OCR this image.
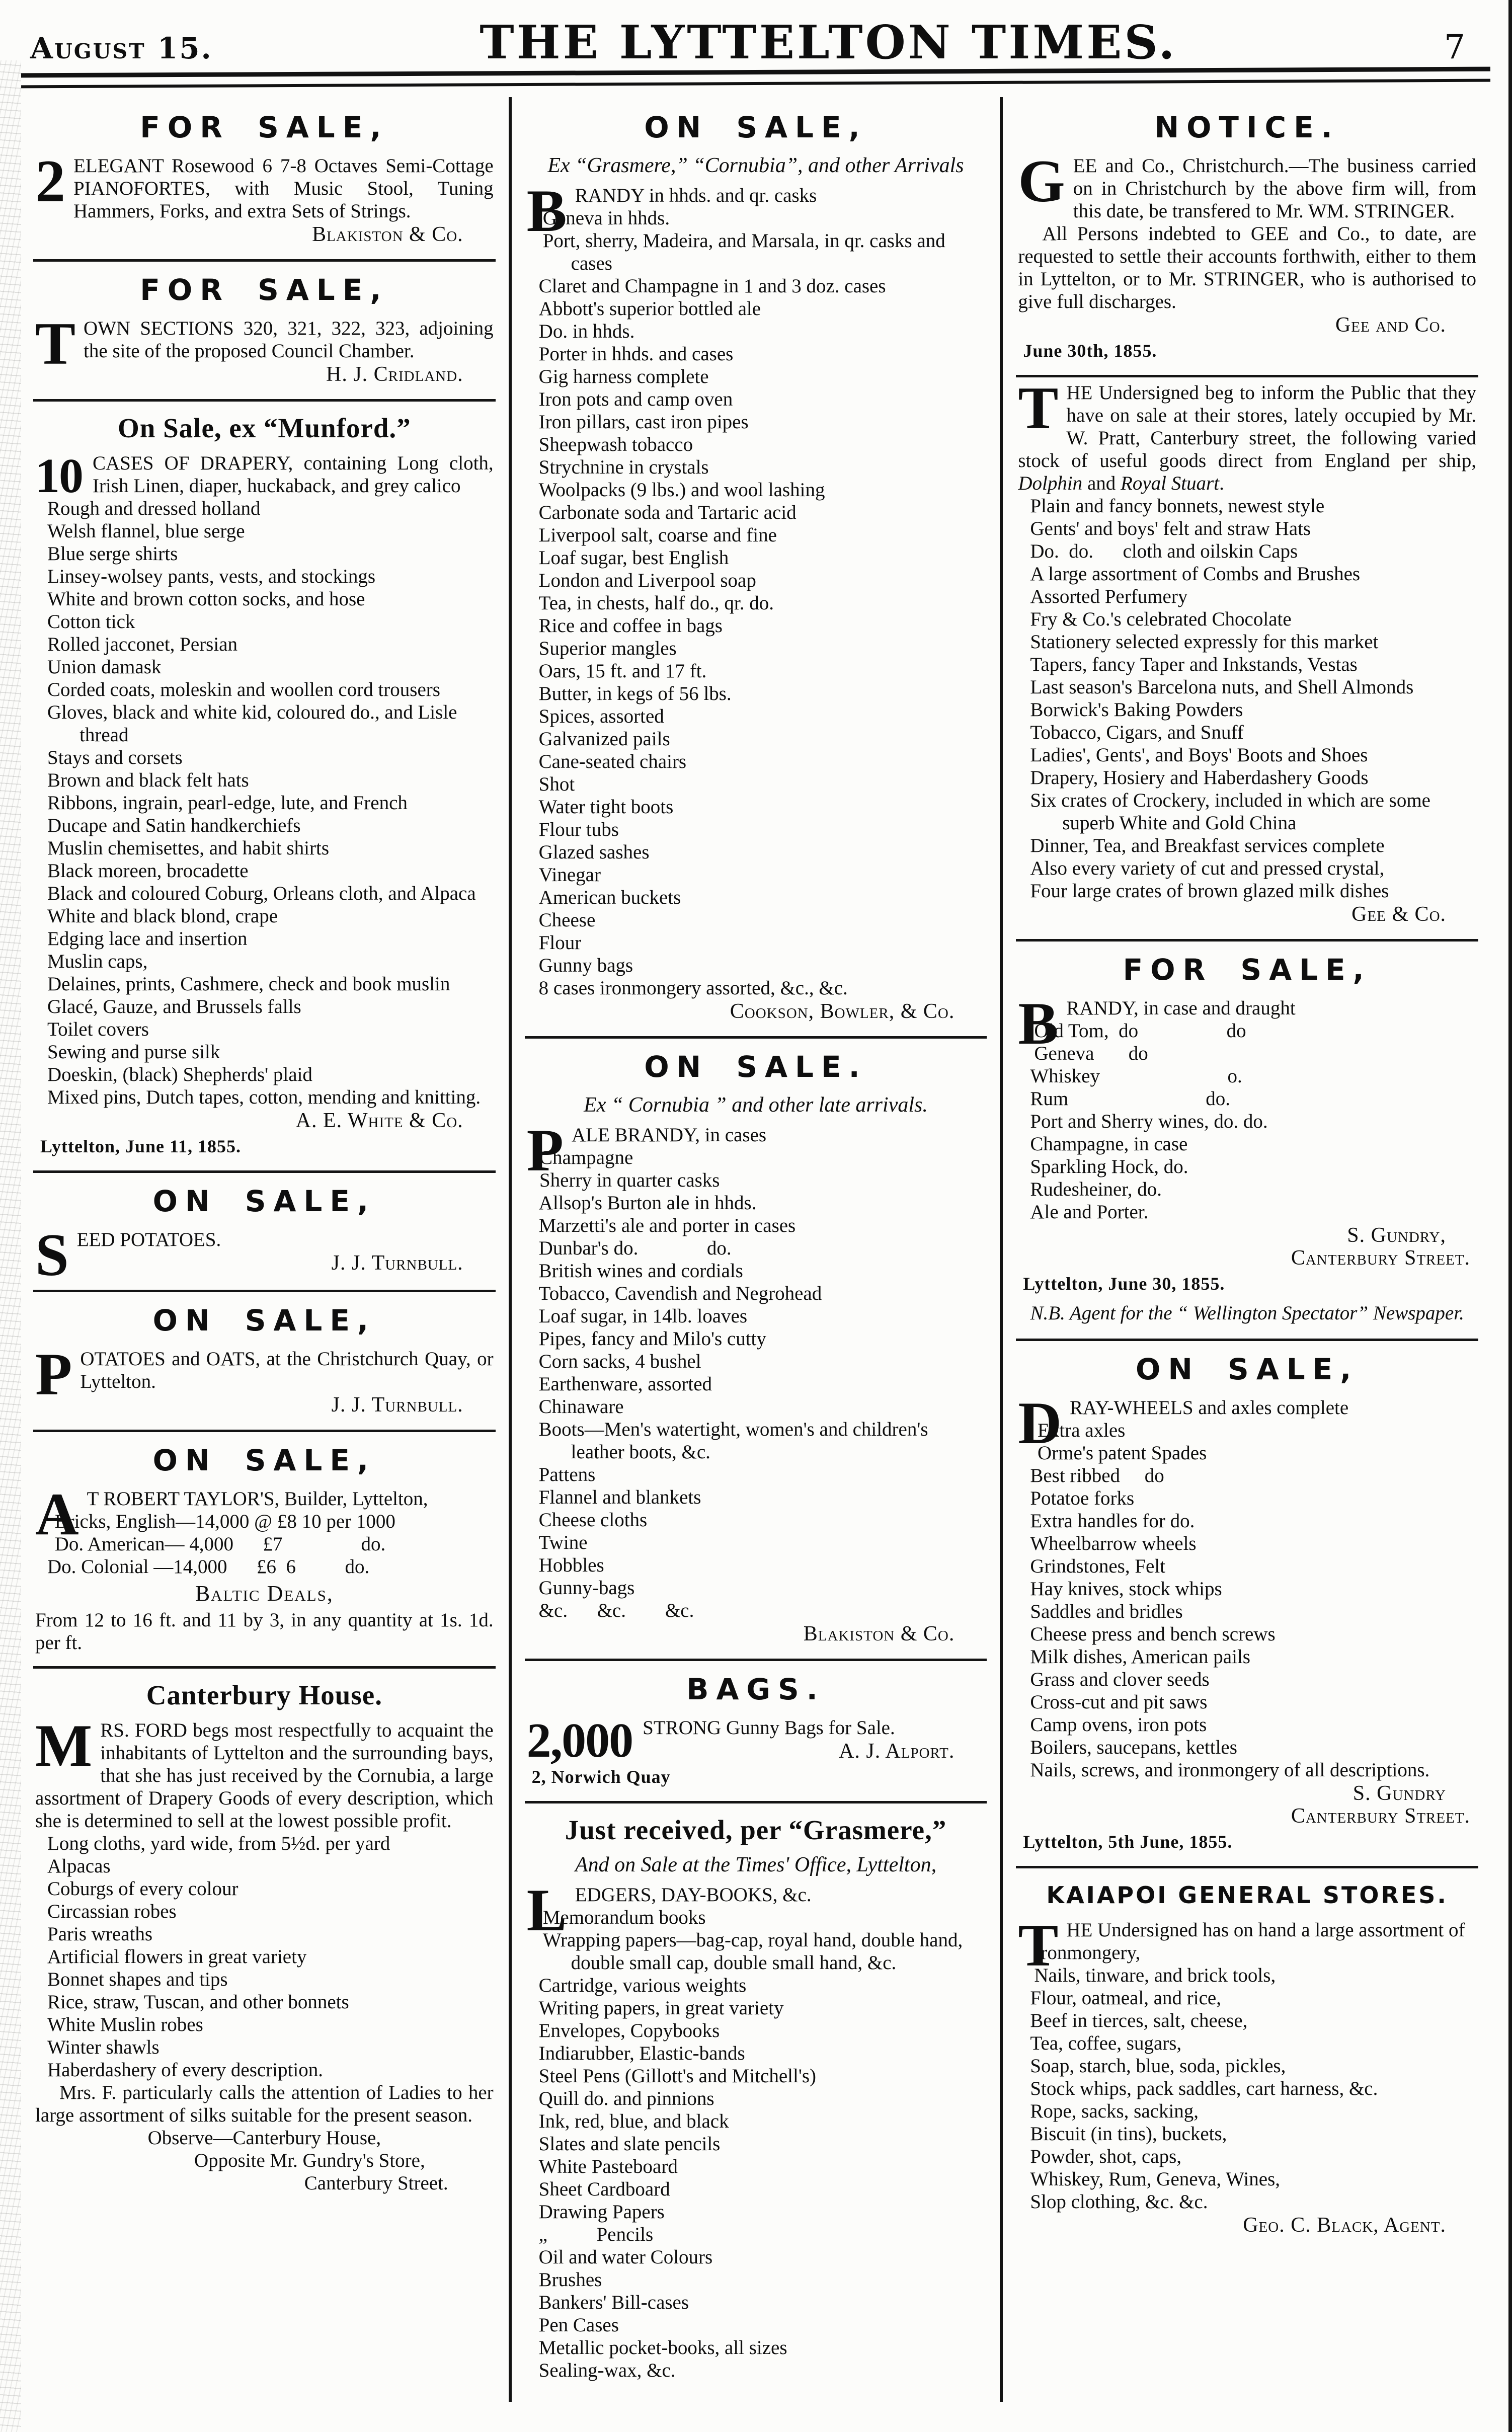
August 15.	THE LYTTELTON TIMES.	7
FOR SALE,
2 ELEGANT Rosewood 6 7-8 Octaves Semi-Cottage PIANOFORTES, with Music Stool, Tuning Hammers, Forks, and extra Sets of Strings.
Blakiston & Co.
FOR SALE,
TOWN SECTIONS 320, 321, 322, 323, adjoining the site of the proposed Council Chamber.
H. J. Cridland.
On Sale, ex “Munford.”
10 CASES OF DRAPERY, containing Long cloth, Irish Linen, diaper, huckaback, and grey calico
Rough and dressed holland
Welsh flannel, blue serge
Blue serge shirts
Linsey-wolsey pants, vests, and stockings
White and brown cotton socks, and hose
Cotton tick
Rolled jacconet, Persian
Union damask
Corded coats, moleskin and woollen cord trousers
Gloves, black and white kid, coloured do., and Lisle thread
Stays and corsets
Brown and black felt hats
Ribbons, ingrain, pearl-edge, lute, and French
Ducape and Satin handkerchiefs
Muslin chemisettes, and habit shirts
Black moreen, brocadette
Black and coloured Coburg, Orleans cloth, and Alpaca
White and black blond, crape
Edging lace and insertion
Muslin caps,
Delaines, prints, Cashmere, check and book muslin
Glacé, Gauze, and Brussels falls
Toilet covers
Sewing and purse silk
Doeskin, (black) Shepherds' plaid
Mixed pins, Dutch tapes, cotton, mending and knitting.
A. E. White & Co.
Lyttelton, June 11, 1855.
ON SALE,
SEED POTATOES.
J. J. Turnbull.
ON SALE,
POTATOES and OATS, at the Christchurch Quay, or Lyttelton.
J. J. Turnbull.
ON SALE,
A T ROBERT TAYLOR'S, Builder, Lyttelton,
Bricks, English—14,000 @ £8 10 per 1000
Do. American— 4,000  £7    do.
Do. Colonial —14,000  £6  6   do.
Baltic Deals,
From 12 to 16 ft. and 11 by 3, in any quantity at 1s. 1d. per ft.
Canterbury House.
MRS. FORD begs most respectfully to acquaint the inhabitants of Lyttelton and the surrounding bays, that she has just received by the Cornubia, a large assortment of Drapery Goods of every description, which she is determined to sell at the lowest possible profit.
Long cloths, yard wide, from 5½d. per yard
Alpacas
Coburgs of every colour
Circassian robes
Paris wreaths
Artificial flowers in great variety
Bonnet shapes and tips
Rice, straw, Tuscan, and other bonnets
White Muslin robes
Winter shawls
Haberdashery of every description.
Mrs. F. particularly calls the attention of Ladies to her large assortment of silks suitable for the present season.
Observe—Canterbury House,
Opposite Mr. Gundry's Store,
Canterbury Street.
ON SALE,
Ex “Grasmere,” “Cornubia”, and other Arrivals
BRANDY in hhds. and qr. casks
Geneva in hhds.
Port, sherry, Madeira, and Marsala, in qr. casks and cases
Claret and Champagne in 1 and 3 doz. cases
Abbott's superior bottled ale
Do. in hhds.
Porter in hhds. and cases
Gig harness complete
Iron pots and camp oven
Iron pillars, cast iron pipes
Sheepwash tobacco
Strychnine in crystals
Woolpacks (9 lbs.) and wool lashing
Carbonate soda and Tartaric acid
Liverpool salt, coarse and fine
Loaf sugar, best English
London and Liverpool soap
Tea, in chests, half do., qr. do.
Rice and coffee in bags
Superior mangles
Oars, 15 ft. and 17 ft.
Butter, in kegs of 56 lbs.
Spices, assorted
Galvanized pails
Cane-seated chairs
Shot
Water tight boots
Flour tubs
Glazed sashes
Vinegar
American buckets
Cheese
Flour
Gunny bags
8 cases ironmongery assorted, &c., &c.
Cookson, Bowler, & Co.
ON SALE.
Ex “ Cornubia ” and other late arrivals.
PALE BRANDY, in cases
Champagne
Sherry in quarter casks
Allsop's Burton ale in hhds.
Marzetti's ale and porter in cases
Dunbar's do.    do.
British wines and cordials
Tobacco, Cavendish and Negrohead
Loaf sugar, in 14lb. loaves
Pipes, fancy and Milo's cutty
Corn sacks, 4 bushel
Earthenware, assorted
Chinaware
Boots—Men's watertight, women's and children's leather boots, &c.
Pattens
Flannel and blankets
Cheese cloths
Twine
Hobbles
Gunny-bags
&c.  &c.  &c.
Blakiston & Co.
BAGS.
2,000 STRONG Gunny Bags for Sale.
A. J. Alport.
2, Norwich Quay
Just received, per “Grasmere,”
And on Sale at the Times' Office, Lyttelton,
LEDGERS, DAY-BOOKS, &c.
Memorandum books
Wrapping papers—bag-cap, royal hand, double hand, double small cap, double small hand, &c.
Cartridge, various weights
Writing papers, in great variety
Envelopes, Copybooks
Indiarubber, Elastic-bands
Steel Pens (Gillott's and Mitchell's)
Quill do. and pinnions
Ink, red, blue, and black
Slates and slate pencils
White Pasteboard
Sheet Cardboard
Drawing Papers
„   Pencils
Oil and water Colours
Brushes
Bankers' Bill-cases
Pen Cases
Metallic pocket-books, all sizes
Sealing-wax, &c.
NOTICE.
GEE and Co., Christchurch.—The business carried on in Christchurch by the above firm will, from this date, be transfered to Mr. WM. STRINGER.
All Persons indebted to GEE and Co., to date, are requested to settle their accounts forthwith, either to them in Lyttelton, or to Mr. STRINGER, who is authorised to give full discharges.
Gee and Co.
June 30th, 1855.
THE Undersigned beg to inform the Public that they have on sale at their stores, lately occupied by Mr. W. Pratt, Canterbury street, the following varied stock of useful goods direct from England per ship, Dolphin and Royal Stuart.
Plain and fancy bonnets, newest style
Gents' and boys' felt and straw Hats
Do. do.  cloth and oilskin Caps
A large assortment of Combs and Brushes
Assorted Perfumery
Fry & Co.'s celebrated Chocolate
Stationery selected expressly for this market
Tapers, fancy Taper and Inkstands, Vestas
Last season's Barcelona nuts, and Shell Almonds
Borwick's Baking Powders
Tobacco, Cigars, and Snuff
Ladies', Gents', and Boys' Boots and Shoes
Drapery, Hosiery and Haberdashery Goods
Six crates of Crockery, included in which are some superb White and Gold China
Dinner, Tea, and Breakfast services complete
Also every variety of cut and pressed crystal,
Four large crates of brown glazed milk dishes
Gee & Co.
FOR SALE,
BRANDY, in case and draught
Old Tom,  do     do
Geneva   do
Whiskey       o.
Rum       do.
Port and Sherry wines, do. do.
Champagne, in case
Sparkling Hock, do.
Rudesheiner, do.
Ale and Porter.
S. Gundry,
Canterbury Street.
Lyttelton, June 30, 1855.
N.B. Agent for the “ Wellington Spectator” Newspaper.
ON SALE,
DRAY-WHEELS and axles complete
Extra axles
Orme's patent Spades
Best ribbed  do
Potatoe forks
Extra handles for do.
Wheelbarrow wheels
Grindstones, Felt
Hay knives, stock whips
Saddles and bridles
Cheese press and bench screws
Milk dishes, American pails
Grass and clover seeds
Cross-cut and pit saws
Camp ovens, iron pots
Boilers, saucepans, kettles
Nails, screws, and ironmongery of all descriptions.
S. Gundry
Canterbury Street.
Lyttelton, 5th June, 1855.
KAIAPOI GENERAL STORES.
THE Undersigned has on hand a large assortment of
Ironmongery,
Nails, tinware, and brick tools,
Flour, oatmeal, and rice,
Beef in tierces, salt, cheese,
Tea, coffee, sugars,
Soap, starch, blue, soda, pickles,
Stock whips, pack saddles, cart harness, &c.
Rope, sacks, sacking,
Biscuit (in tins), buckets,
Powder, shot, caps,
Whiskey, Rum, Geneva, Wines,
Slop clothing, &c. &c.
Geo. C. Black, Agent.
